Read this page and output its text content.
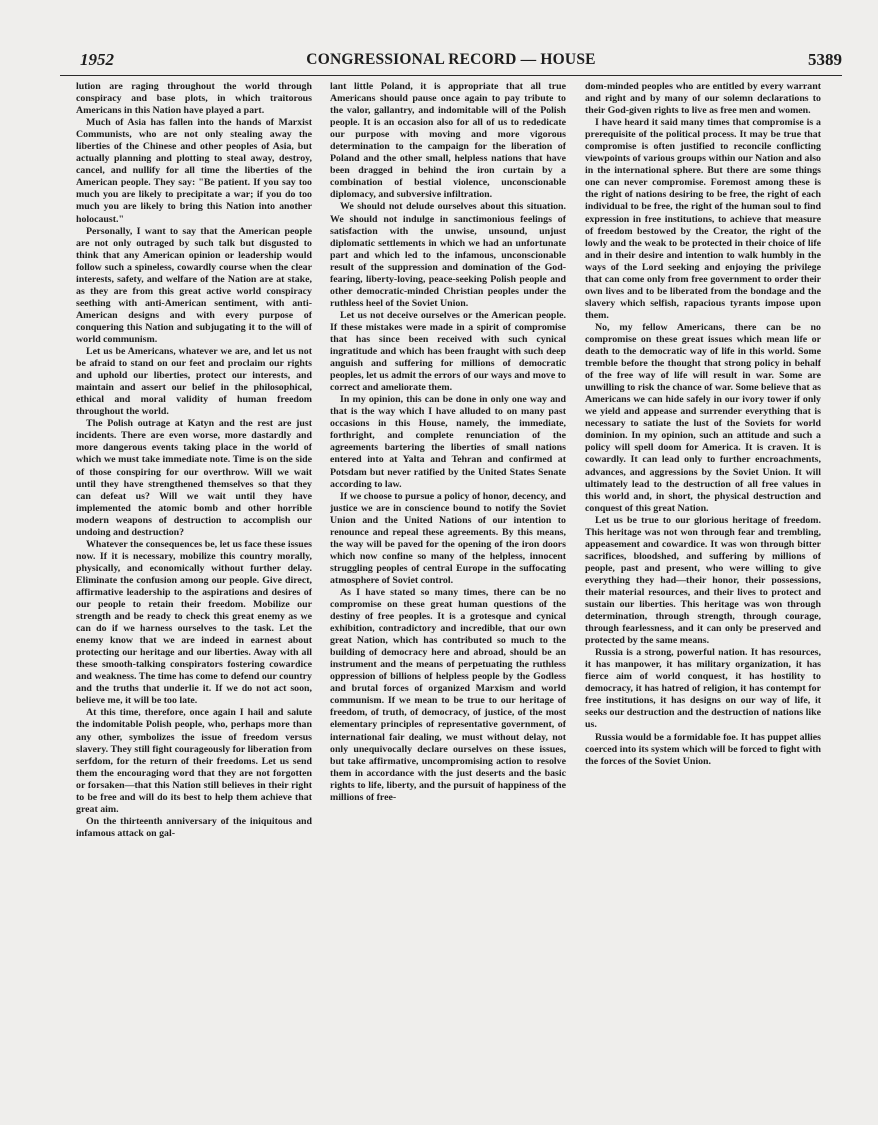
1952	CONGRESSIONAL RECORD — HOUSE	5389

lution are raging throughout the world through conspiracy and base plots, in which traitorous Americans in this Nation have played a part.

Much of Asia has fallen into the hands of Marxist Communists, who are not only stealing away the liberties of the Chinese and other peoples of Asia, but actually planning and plotting to steal away, destroy, cancel, and nullify for all time the liberties of the American people. They say: "Be patient. If you say too much you are likely to precipitate a war; if you do too much you are likely to bring this Nation into another holocaust."

Personally, I want to say that the American people are not only outraged by such talk but disgusted to think that any American opinion or leadership would follow such a spineless, cowardly course when the clear interests, safety, and welfare of the Nation are at stake, as they are from this great active world conspiracy seething with anti-American sentiment, with anti-American designs and with every purpose of conquering this Nation and subjugating it to the will of world communism.

Let us be Americans, whatever we are, and let us not be afraid to stand on our feet and proclaim our rights and uphold our liberties, protect our interests, and maintain and assert our belief in the philosophical, ethical and moral validity of human freedom throughout the world.

The Polish outrage at Katyn and the rest are just incidents. There are even worse, more dastardly and more dangerous events taking place in the world of which we must take immediate note. Time is on the side of those conspiring for our overthrow. Will we wait until they have strengthened themselves so that they can defeat us? Will we wait until they have implemented the atomic bomb and other horrible modern weapons of destruction to accomplish our undoing and destruction?

Whatever the consequences be, let us face these issues now. If it is necessary, mobilize this country morally, physically, and economically without further delay. Eliminate the confusion among our people. Give direct, affirmative leadership to the aspirations and desires of our people to retain their freedom. Mobilize our strength and be ready to check this great enemy as we can do if we harness ourselves to the task. Let the enemy know that we are indeed in earnest about protecting our heritage and our liberties. Away with all these smooth-talking conspirators fostering cowardice and weakness. The time has come to defend our country and the truths that underlie it. If we do not act soon, believe me, it will be too late.

At this time, therefore, once again I hail and salute the indomitable Polish people, who, perhaps more than any other, symbolizes the issue of freedom versus slavery. They still fight courageously for liberation from serfdom, for the return of their freedoms. Let us send them the encouraging word that they are not forgotten or forsaken—that this Nation still believes in their right to be free and will do its best to help them achieve that great aim.

On the thirteenth anniversary of the iniquitous and infamous attack on gal-

lant little Poland, it is appropriate that all true Americans should pause once again to pay tribute to the valor, gallantry, and indomitable will of the Polish people. It is an occasion also for all of us to rededicate our purpose with moving and more vigorous determination to the campaign for the liberation of Poland and the other small, helpless nations that have been dragged in behind the iron curtain by a combination of bestial violence, unconscionable diplomacy, and subversive infiltration.

We should not delude ourselves about this situation. We should not indulge in sanctimonious feelings of satisfaction with the unwise, unsound, unjust diplomatic settlements in which we had an unfortunate part and which led to the infamous, unconscionable result of the suppression and domination of the God-fearing, liberty-loving, peace-seeking Polish people and other democratic-minded Christian peoples under the ruthless heel of the Soviet Union.

Let us not deceive ourselves or the American people. If these mistakes were made in a spirit of compromise that has since been received with such cynical ingratitude and which has been fraught with such deep anguish and suffering for millions of democratic peoples, let us admit the errors of our ways and move to correct and ameliorate them.

In my opinion, this can be done in only one way and that is the way which I have alluded to on many past occasions in this House, namely, the immediate, forthright, and complete renunciation of the agreements bartering the liberties of small nations entered into at Yalta and Tehran and confirmed at Potsdam but never ratified by the United States Senate according to law.

If we choose to pursue a policy of honor, decency, and justice we are in conscience bound to notify the Soviet Union and the United Nations of our intention to renounce and repeal these agreements. By this means, the way will be paved for the opening of the iron doors which now confine so many of the helpless, innocent struggling peoples of central Europe in the suffocating atmosphere of Soviet control.

As I have stated so many times, there can be no compromise on these great human questions of the destiny of free peoples. It is a grotesque and cynical exhibition, contradictory and incredible, that our own great Nation, which has contributed so much to the building of democracy here and abroad, should be an instrument and the means of perpetuating the ruthless oppression of billions of helpless people by the Godless and brutal forces of organized Marxism and world communism. If we mean to be true to our heritage of freedom, of truth, of democracy, of justice, of the most elementary principles of representative government, of international fair dealing, we must without delay, not only unequivocally declare ourselves on these issues, but take affirmative, uncompromising action to resolve them in accordance with the just deserts and the basic rights to life, liberty, and the pursuit of happiness of the millions of free-

dom-minded peoples who are entitled by every warrant and right and by many of our solemn declarations to their God-given rights to live as free men and women.

I have heard it said many times that compromise is a prerequisite of the political process. It may be true that compromise is often justified to reconcile conflicting viewpoints of various groups within our Nation and also in the international sphere. But there are some things one can never compromise. Foremost among these is the right of nations desiring to be free, the right of each individual to be free, the right of the human soul to find expression in free institutions, to achieve that measure of freedom bestowed by the Creator, the right of the lowly and the weak to be protected in their choice of life and in their desire and intention to walk humbly in the ways of the Lord seeking and enjoying the privilege that can come only from free government to order their own lives and to be liberated from the bondage and the slavery which selfish, rapacious tyrants impose upon them.

No, my fellow Americans, there can be no compromise on these great issues which mean life or death to the democratic way of life in this world. Some tremble before the thought that strong policy in behalf of the free way of life will result in war. Some are unwilling to risk the chance of war. Some believe that as Americans we can hide safely in our ivory tower if only we yield and appease and surrender everything that is necessary to satiate the lust of the Soviets for world dominion. In my opinion, such an attitude and such a policy will spell doom for America. It is craven. It is cowardly. It can lead only to further encroachments, advances, and aggressions by the Soviet Union. It will ultimately lead to the destruction of all free values in this world and, in short, the physical destruction and conquest of this great Nation.

Let us be true to our glorious heritage of freedom. This heritage was not won through fear and trembling, appeasement and cowardice. It was won through bitter sacrifices, bloodshed, and suffering by millions of people, past and present, who were willing to give everything they had—their honor, their possessions, their material resources, and their lives to protect and sustain our liberties. This heritage was won through determination, through strength, through courage, through fearlessness, and it can only be preserved and protected by the same means.

Russia is a strong, powerful nation. It has resources, it has manpower, it has military organization, it has fierce aim of world conquest, it has hostility to democracy, it has hatred of religion, it has contempt for free institutions, it has designs on our way of life, it seeks our destruction and the destruction of nations like us.

Russia would be a formidable foe. It has puppet allies coerced into its system which will be forced to fight with the forces of the Soviet Union.
